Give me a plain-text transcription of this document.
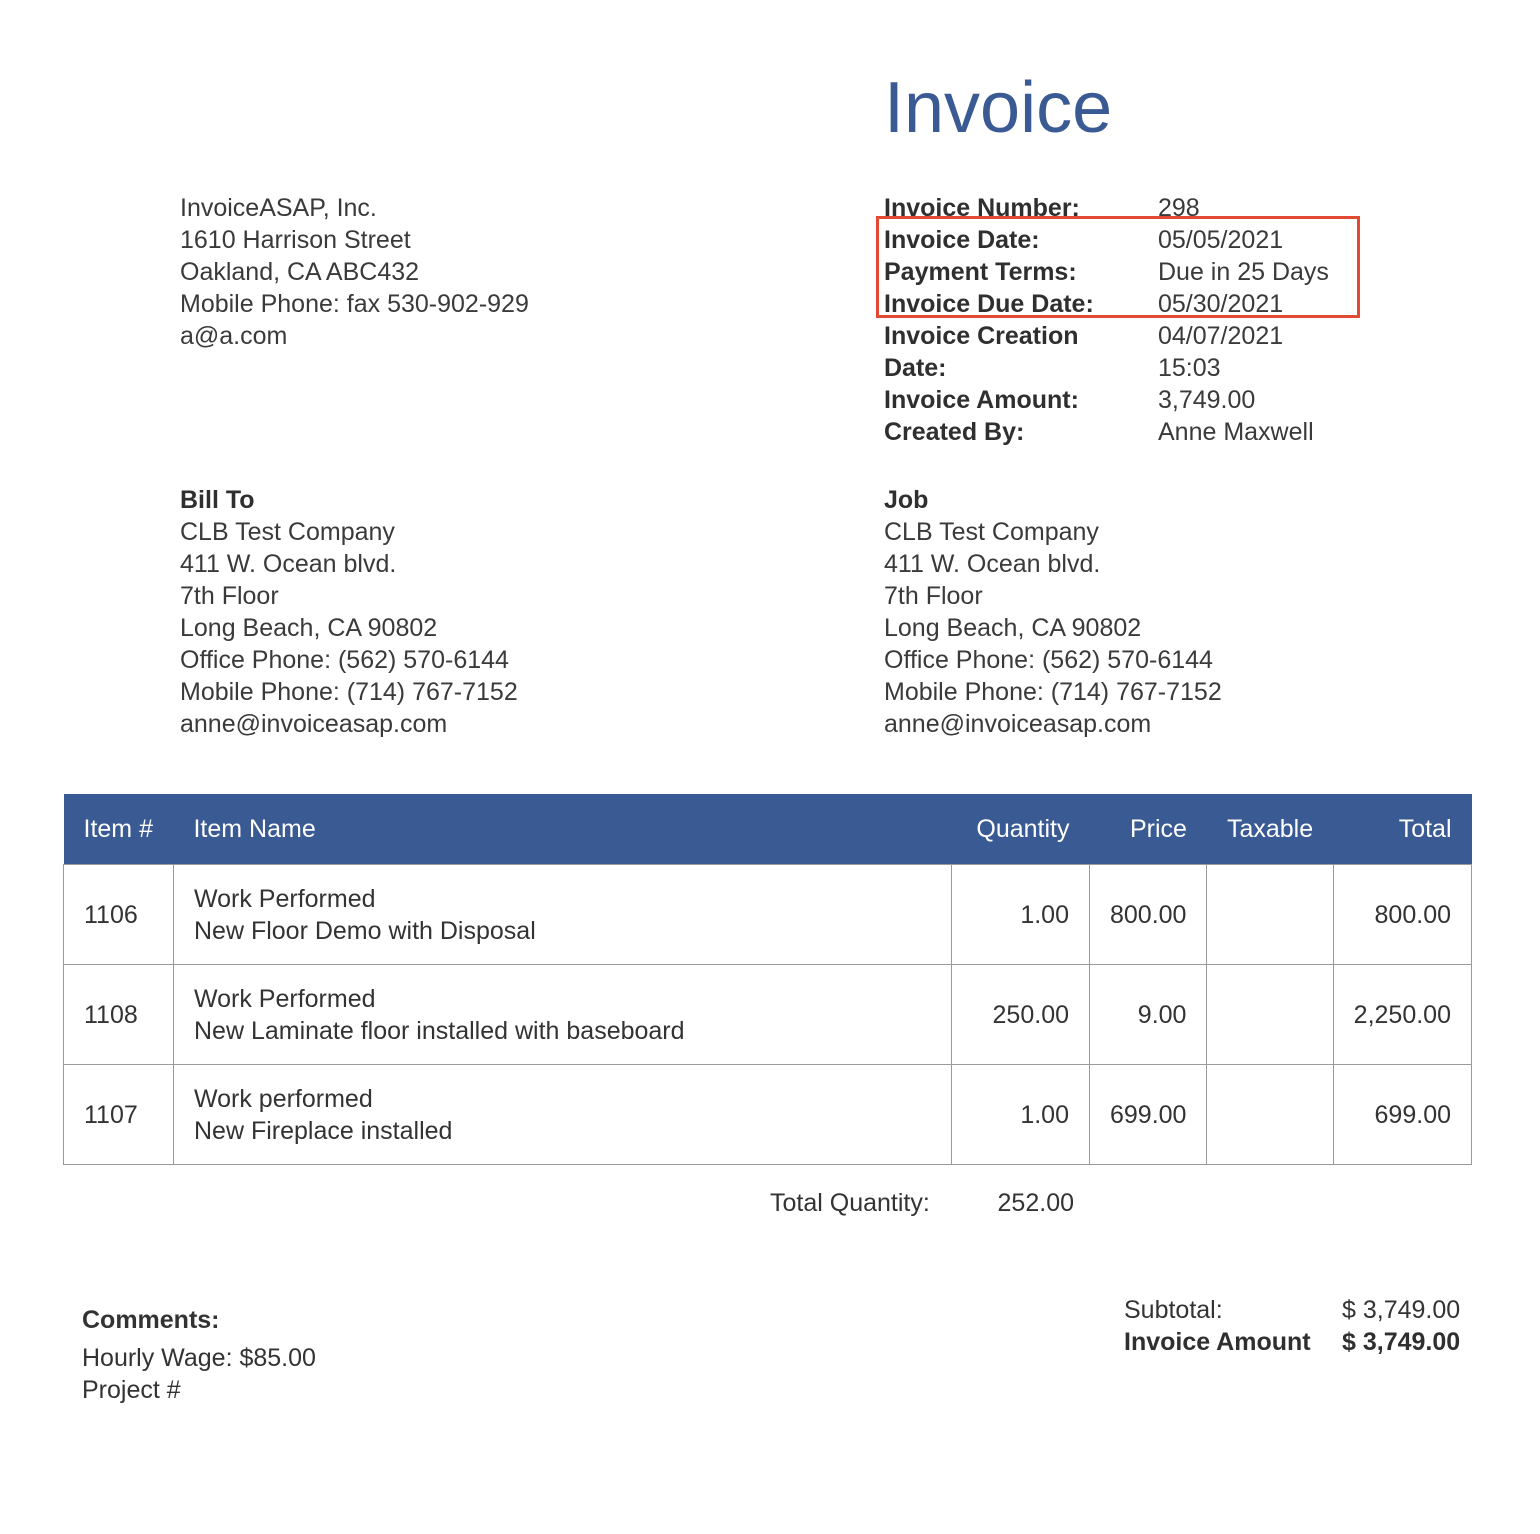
Invoice
InvoiceASAP, Inc.
1610 Harrison Street
Oakland, CA ABC432
Mobile Phone: fax 530-902-929
a@a.com
Invoice Number:	298
Invoice Date:	05/05/2021
Payment Terms:	Due in 25 Days
Invoice Due Date:	05/30/2021
Invoice Creation	04/07/2021
Date:	15:03
Invoice Amount:	3,749.00
Created By:	Anne Maxwell
Bill To
CLB Test Company
411 W. Ocean blvd.
7th Floor
Long Beach, CA 90802
Office Phone: (562) 570-6144
Mobile Phone: (714) 767-7152
anne@invoiceasap.com
Job
CLB Test Company
411 W. Ocean blvd.
7th Floor
Long Beach, CA 90802
Office Phone: (562) 570-6144
Mobile Phone: (714) 767-7152
anne@invoiceasap.com
Item #	Item Name	Quantity	Price	Taxable	Total
1106	Work Performed
New Floor Demo with Disposal	1.00	800.00		800.00
1108	Work Performed
New Laminate floor installed with baseboard	250.00	9.00		2,250.00
1107	Work performed
New Fireplace installed	1.00	699.00		699.00
Total Quantity:	252.00
Comments:
Hourly Wage: $85.00
Project #
Subtotal:	$ 3,749.00
Invoice Amount	$ 3,749.00
